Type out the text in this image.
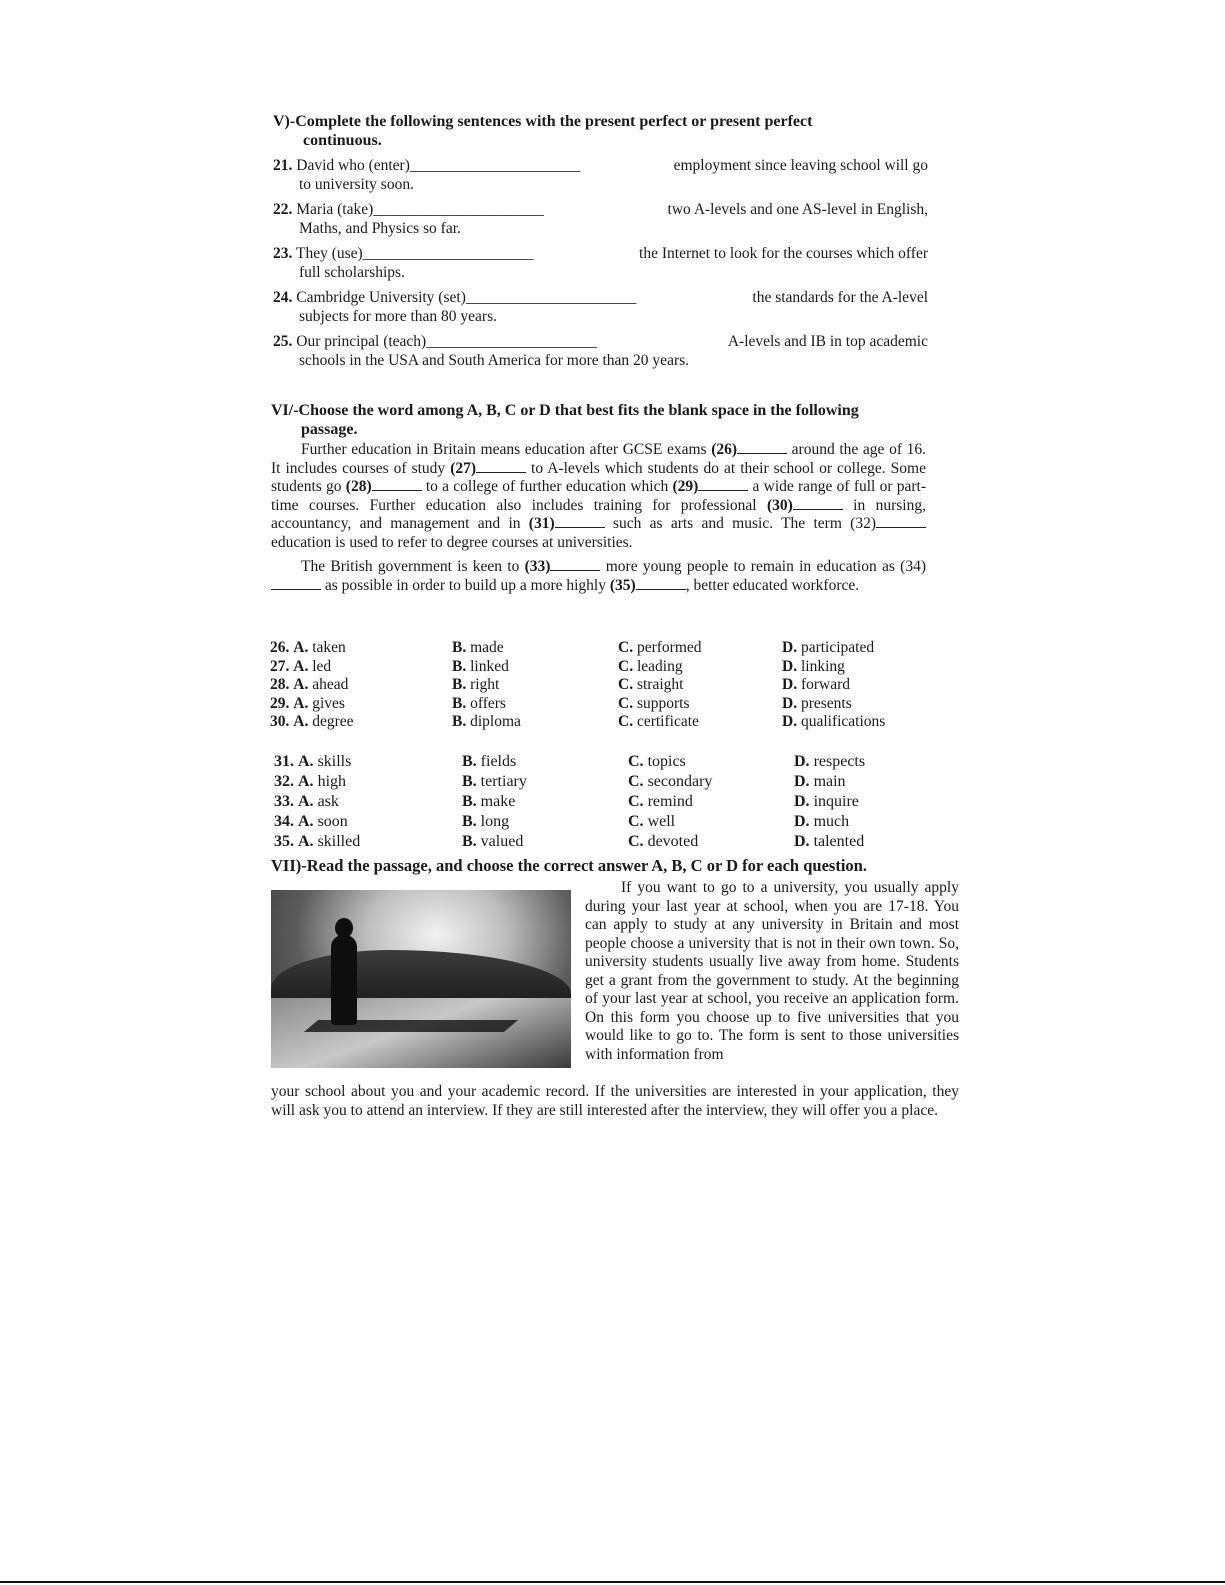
V)-Complete the following sentences with the present perfect or present perfect
continuous.
21. David who (enter)______________________	employment since leaving school will go
to university soon.
22. Maria (take)______________________	two A-levels and one AS-level in English,
Maths, and Physics so far.
23. They (use)______________________	the Internet to look for the courses which offer
full scholarships.
24. Cambridge University (set)______________________	the standards for the A-level
subjects for more than 80 years.
25. Our principal (teach)______________________	A-levels and IB in top academic
schools in the USA and South America for more than 20 years.
VI/-Choose the word among A, B, C or D that best fits the blank space in the following
passage.

Further education in Britain means education after GCSE exams (26)	around the age of 16. It includes courses of study (27)	to A-levels which students do at their school or college. Some students go (28)	to a college of further education which (29)	a wide range of full or part-time courses. Further education also includes training for professional (30)	in nursing, accountancy, and management and in (31)	such as arts and music. The term (32) education is used to refer to degree courses at universities.

The British government is keen to (33)	more young people to remain in education as (34) as possible in order to build up a more highly (35)	, better educated workforce.

26. A. taken	B. made	C. performed	D. participated
27. A. led	B. linked	C. leading	D. linking
28. A. ahead	B. right	C. straight	D. forward
29. A. gives	B. offers	C. supports	D. presents
30. A. degree	B. diploma	C. certificate	D. qualifications
31. A. skills	B. fields	C. topics	D. respects
32. A. high	B. tertiary	C. secondary	D. main
33. A. ask	B. make	C. remind	D. inquire
34. A. soon	B. long	C. well	D. much
35. A. skilled	B. valued	C. devoted	D. talented
VII)-Read the passage, and choose the correct answer A, B, C or D for each question.

If you want to go to a university, you usually apply during your last year at school, when you are 17-18. You can apply to study at any university in Britain and most people choose a university that is not in their own town. So, university students usually live away from home. Students get a grant from the government to study. At the beginning of your last year at school, you receive an application form. On this form you choose up to five universities that you would like to go to. The form is sent to those universities with information from

your school about you and your academic record. If the universities are interested in your application, they will ask you to attend an interview. If they are still interested after the interview, they will offer you a place.
